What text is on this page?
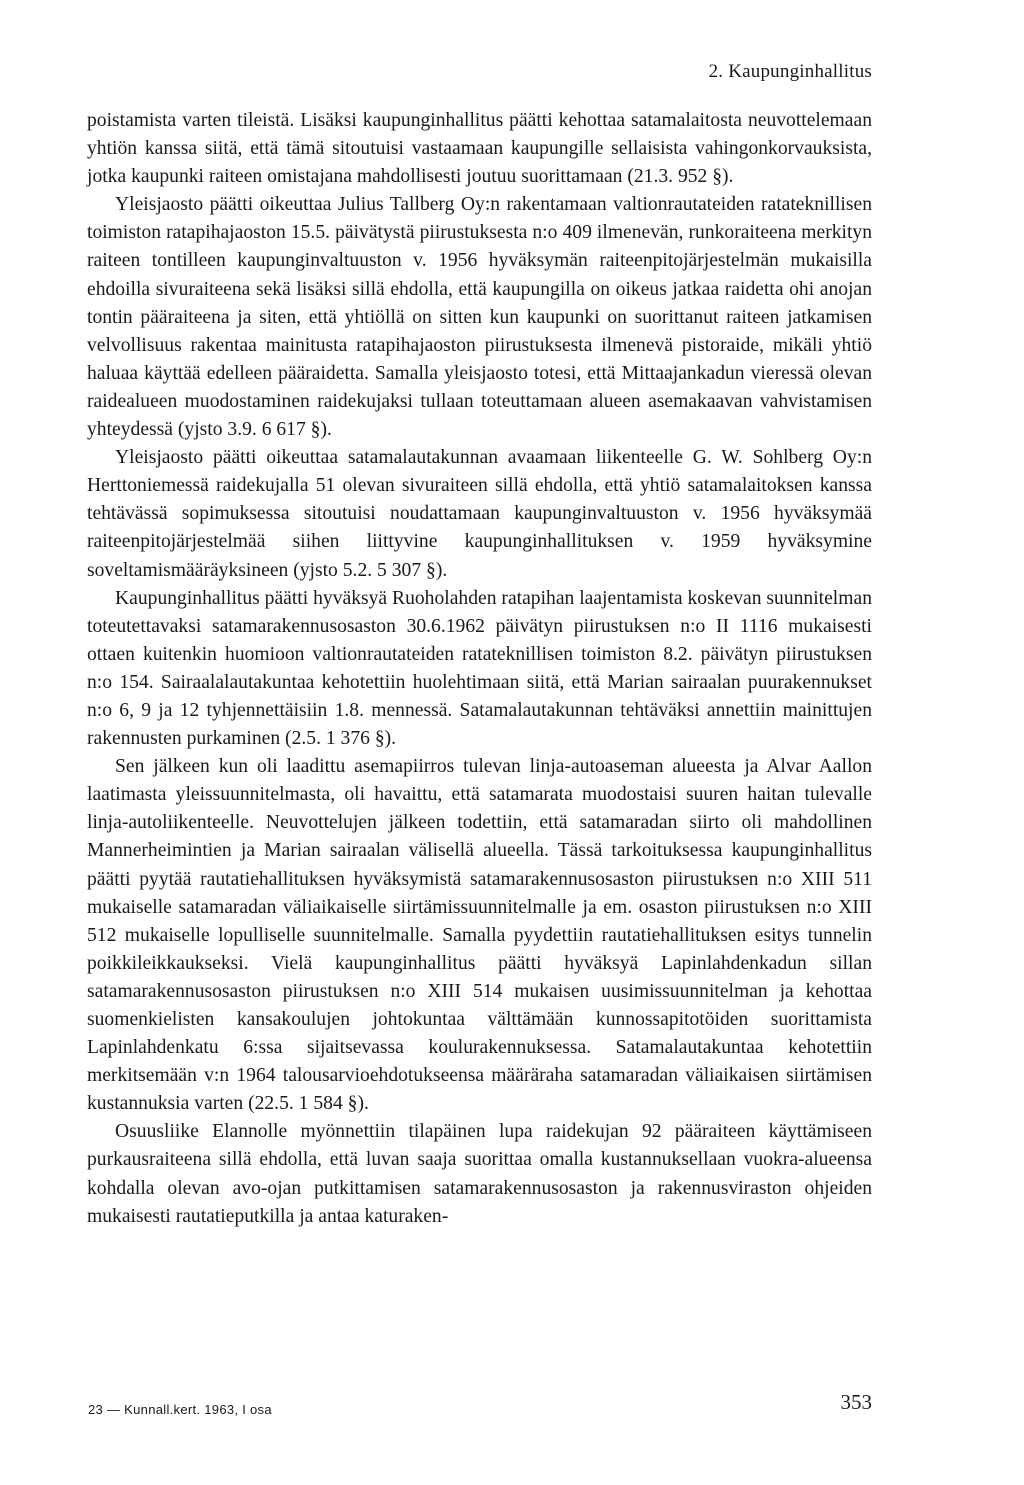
2. Kaupunginhallitus

poistamista varten tileistä. Lisäksi kaupunginhallitus päätti kehottaa satamalaitosta neuvottelemaan yhtiön kanssa siitä, että tämä sitoutuisi vastaamaan kaupungille sellaisista vahingonkorvauksista, jotka kaupunki raiteen omistajana mahdollisesti joutuu suorittamaan (21.3. 952 §).

Yleisjaosto päätti oikeuttaa Julius Tallberg Oy:n rakentamaan valtionrautateiden ratateknillisen toimiston ratapihajaoston 15.5. päivätystä piirustuksesta n:o 409 ilmenevän, runkoraiteena merkityn raiteen tontilleen kaupunginvaltuuston v. 1956 hyväksymän raiteenpitojärjestelmän mukaisilla ehdoilla sivuraiteena sekä lisäksi sillä ehdolla, että kaupungilla on oikeus jatkaa raidetta ohi anojan tontin pääraiteena ja siten, että yhtiöllä on sitten kun kaupunki on suorittanut raiteen jatkamisen velvollisuus rakentaa mainitusta ratapihajaoston piirustuksesta ilmenevä pistoraide, mikäli yhtiö haluaa käyttää edelleen pääraidetta. Samalla yleisjaosto totesi, että Mittaajankadun vieressä olevan raidealueen muodostaminen raidekujaksi tullaan toteuttamaan alueen asemakaavan vahvistamisen yhteydessä (yjsto 3.9. 6 617 §).

Yleisjaosto päätti oikeuttaa satamalautakunnan avaamaan liikenteelle G. W. Sohlberg Oy:n Herttoniemessä raidekujalla 51 olevan sivuraiteen sillä ehdolla, että yhtiö satamalaitoksen kanssa tehtävässä sopimuksessa sitoutuisi noudattamaan kaupunginvaltuuston v. 1956 hyväksymää raiteenpitojärjestelmää siihen liittyvine kaupunginhallituksen v. 1959 hyväksymine soveltamismääräyksineen (yjsto 5.2. 5 307 §).

Kaupunginhallitus päätti hyväksyä Ruoholahden ratapihan laajentamista koskevan suunnitelman toteutettavaksi satamarakennusosaston 30.6.1962 päivätyn piirustuksen n:o II 1116 mukaisesti ottaen kuitenkin huomioon valtionrautateiden ratateknillisen toimiston 8.2. päivätyn piirustuksen n:o 154. Sairaalalautakuntaa kehotettiin huolehtimaan siitä, että Marian sairaalan puurakennukset n:o 6, 9 ja 12 tyhjennettäisiin 1.8. mennessä. Satamalautakunnan tehtäväksi annettiin mainittujen rakennusten purkaminen (2.5. 1 376 §).

Sen jälkeen kun oli laadittu asemapiirros tulevan linja-autoaseman alueesta ja Alvar Aallon laatimasta yleissuunnitelmasta, oli havaittu, että satamarata muodostaisi suuren haitan tulevalle linja-autoliikenteelle. Neuvottelujen jälkeen todettiin, että satamaradan siirto oli mahdollinen Mannerheimintien ja Marian sairaalan välisellä alueella. Tässä tarkoituksessa kaupunginhallitus päätti pyytää rautatiehallituksen hyväksymistä satamarakennusosaston piirustuksen n:o XIII 511 mukaiselle satamaradan väliaikaiselle siirtämissuunnitelmalle ja em. osaston piirustuksen n:o XIII 512 mukaiselle lopulliselle suunnitelmalle. Samalla pyydettiin rautatiehallituksen esitys tunnelin poikkileikkaukseksi. Vielä kaupunginhallitus päätti hyväksyä Lapinlahdenkadun sillan satamarakennusosaston piirustuksen n:o XIII 514 mukaisen uusimissuunnitelman ja kehottaa suomenkielisten kansakoulujen johtokuntaa välttämään kunnossapitotöiden suorittamista Lapinlahdenkatu 6:ssa sijaitsevassa koulurakennuksessa. Satamalautakuntaa kehotettiin merkitsemään v:n 1964 talousarvioehdotukseensa määräraha satamaradan väliaikaisen siirtämisen kustannuksia varten (22.5. 1 584 §).

Osuusliike Elannolle myönnettiin tilapäinen lupa raidekujan 92 pääraiteen käyttämiseen purkausraiteena sillä ehdolla, että luvan saaja suorittaa omalla kustannuksellaan vuokra-alueensa kohdalla olevan avo-ojan putkittamisen satamarakennusosaston ja rakennusviraston ohjeiden mukaisesti rautatieputkilla ja antaa katuraken-

23 — Kunnall.kert. 1963, I osa	353
